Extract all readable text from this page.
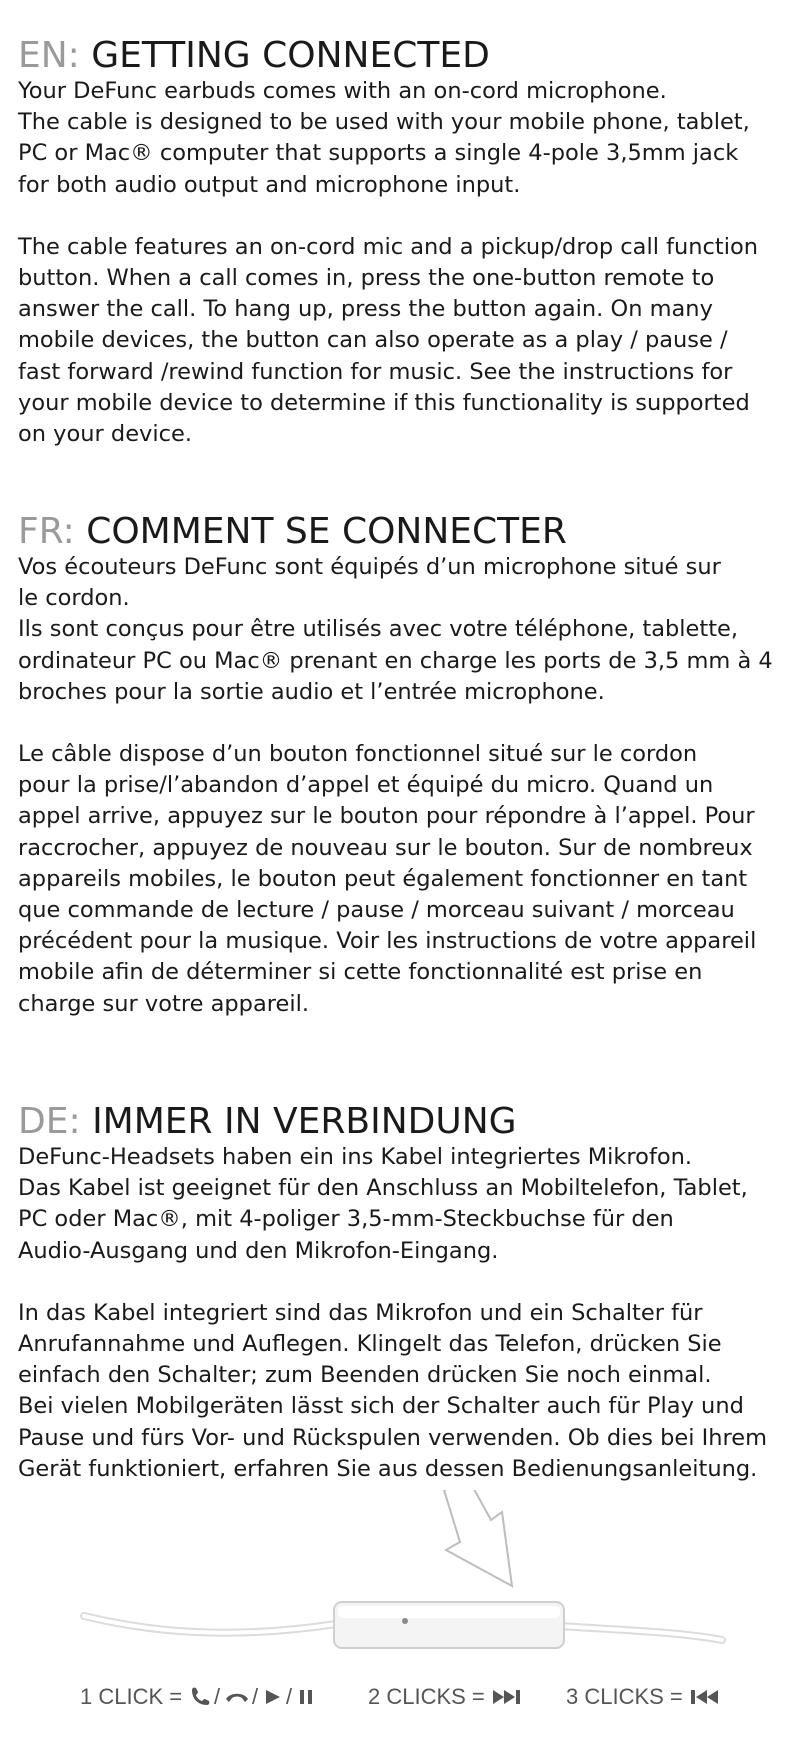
EN: GETTING CONNECTED

Your DeFunc earbuds comes with an on-cord microphone.
The cable is designed to be used with your mobile phone, tablet,
PC or Mac® computer that supports a single 4-pole 3,5mm jack
for both audio output and microphone input.

The cable features an on-cord mic and a pickup/drop call function
button. When a call comes in, press the one-button remote to
answer the call. To hang up, press the button again. On many
mobile devices, the button can also operate as a play / pause /
fast forward /rewind function for music. See the instructions for
your mobile device to determine if this functionality is supported
on your device.

FR: COMMENT SE CONNECTER

Vos écouteurs DeFunc sont équipés d’un microphone situé sur
le cordon.
Ils sont conçus pour être utilisés avec votre téléphone, tablette,
ordinateur PC ou Mac® prenant en charge les ports de 3,5 mm à 4
broches pour la sortie audio et l’entrée microphone.

Le câble dispose d’un bouton fonctionnel situé sur le cordon
pour la prise/l’abandon d’appel et équipé du micro. Quand un
appel arrive, appuyez sur le bouton pour répondre à l’appel. Pour
raccrocher, appuyez de nouveau sur le bouton. Sur de nombreux
appareils mobiles, le bouton peut également fonctionner en tant
que commande de lecture / pause / morceau suivant / morceau
précédent pour la musique. Voir les instructions de votre appareil
mobile afin de déterminer si cette fonctionnalité est prise en
charge sur votre appareil.

DE: IMMER IN VERBINDUNG

DeFunc-Headsets haben ein ins Kabel integriertes Mikrofon.
Das Kabel ist geeignet für den Anschluss an Mobiltelefon, Tablet,
PC oder Mac®, mit 4-poliger 3,5-mm-Steckbuchse für den
Audio-Ausgang und den Mikrofon-Eingang.

In das Kabel integriert sind das Mikrofon und ein Schalter für
Anrufannahme und Auflegen. Klingelt das Telefon, drücken Sie
einfach den Schalter; zum Beenden drücken Sie noch einmal.
Bei vielen Mobilgeräten lässt sich der Schalter auch für Play und
Pause und fürs Vor- und Rückspulen verwenden. Ob dies bei Ihrem
Gerät funktioniert, erfahren Sie aus dessen Bedienungsanleitung.

1 CLICK = / / /	2 CLICKS =	3 CLICKS =
